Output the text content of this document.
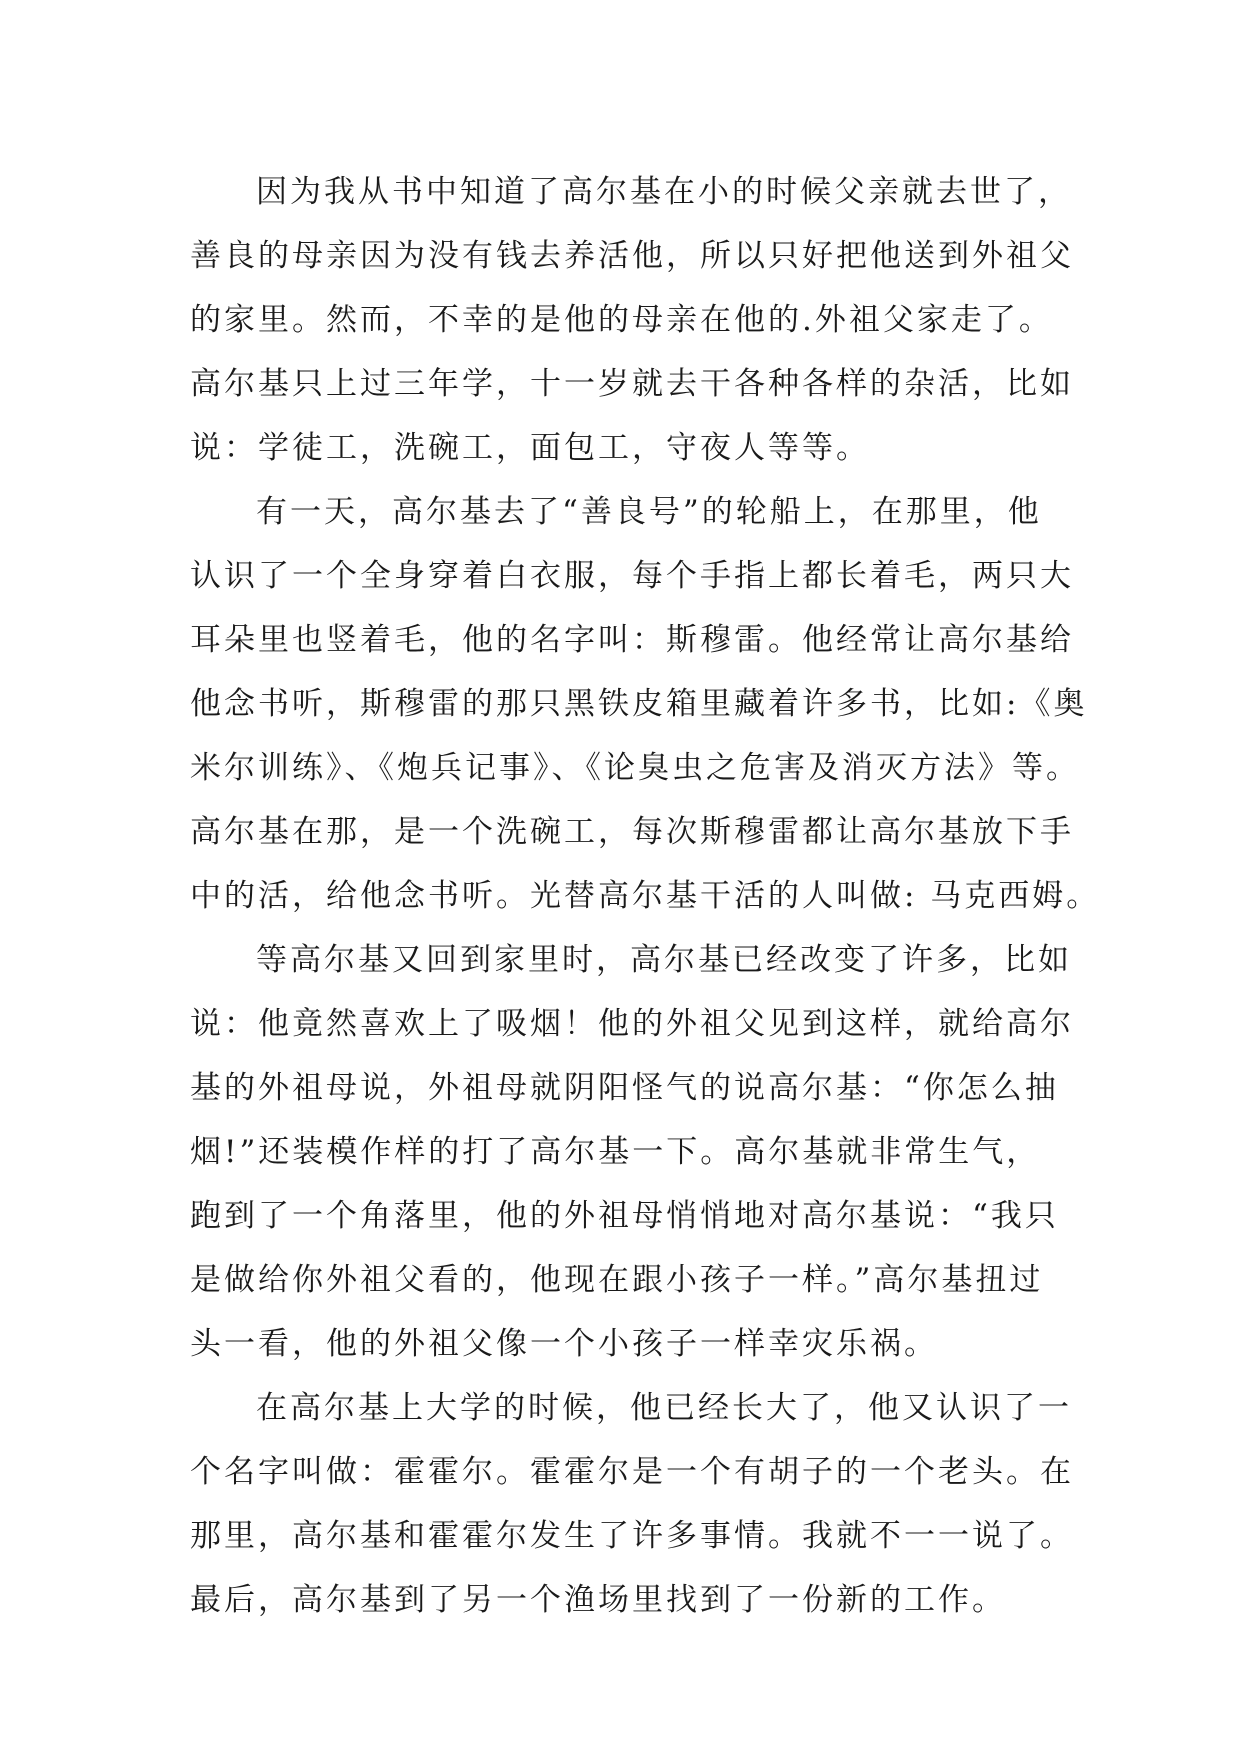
因为我从书中知道了高尔基在小的时候父亲就去世了，

善良的母亲因为没有钱去养活他，所以只好把他送到外祖父

的家里。然而，不幸的是他的母亲在他的.外祖父家走了。

高尔基只上过三年学，十一岁就去干各种各样的杂活，比如

说：学徒工，洗碗工，面包工，守夜人等等。

有一天，高尔基去了“善良号”的轮船上，在那里，他

认识了一个全身穿着白衣服，每个手指上都长着毛，两只大

耳朵里也竖着毛，他的名字叫：斯穆雷。他经常让高尔基给

他念书听，斯穆雷的那只黑铁皮箱里藏着许多书，比如:《奥

米尔训练》、《炮兵记事》、《论臭虫之危害及消灭方法》等。

高尔基在那，是一个洗碗工，每次斯穆雷都让高尔基放下手

中的活，给他念书听。光替高尔基干活的人叫做: 马克西姆。

等高尔基又回到家里时，高尔基已经改变了许多，比如

说：他竟然喜欢上了吸烟！他的外祖父见到这样，就给高尔

基的外祖母说，外祖母就阴阳怪气的说高尔基：“你怎么抽

烟!”还装模作样的打了高尔基一下。高尔基就非常生气，

跑到了一个角落里，他的外祖母悄悄地对高尔基说：“我只

是做给你外祖父看的，他现在跟小孩子一样。”高尔基扭过

头一看，他的外祖父像一个小孩子一样幸灾乐祸。

在高尔基上大学的时候，他已经长大了，他又认识了一

个名字叫做：霍霍尔。霍霍尔是一个有胡子的一个老头。在

那里，高尔基和霍霍尔发生了许多事情。我就不一一说了。

最后，高尔基到了另一个渔场里找到了一份新的工作。
